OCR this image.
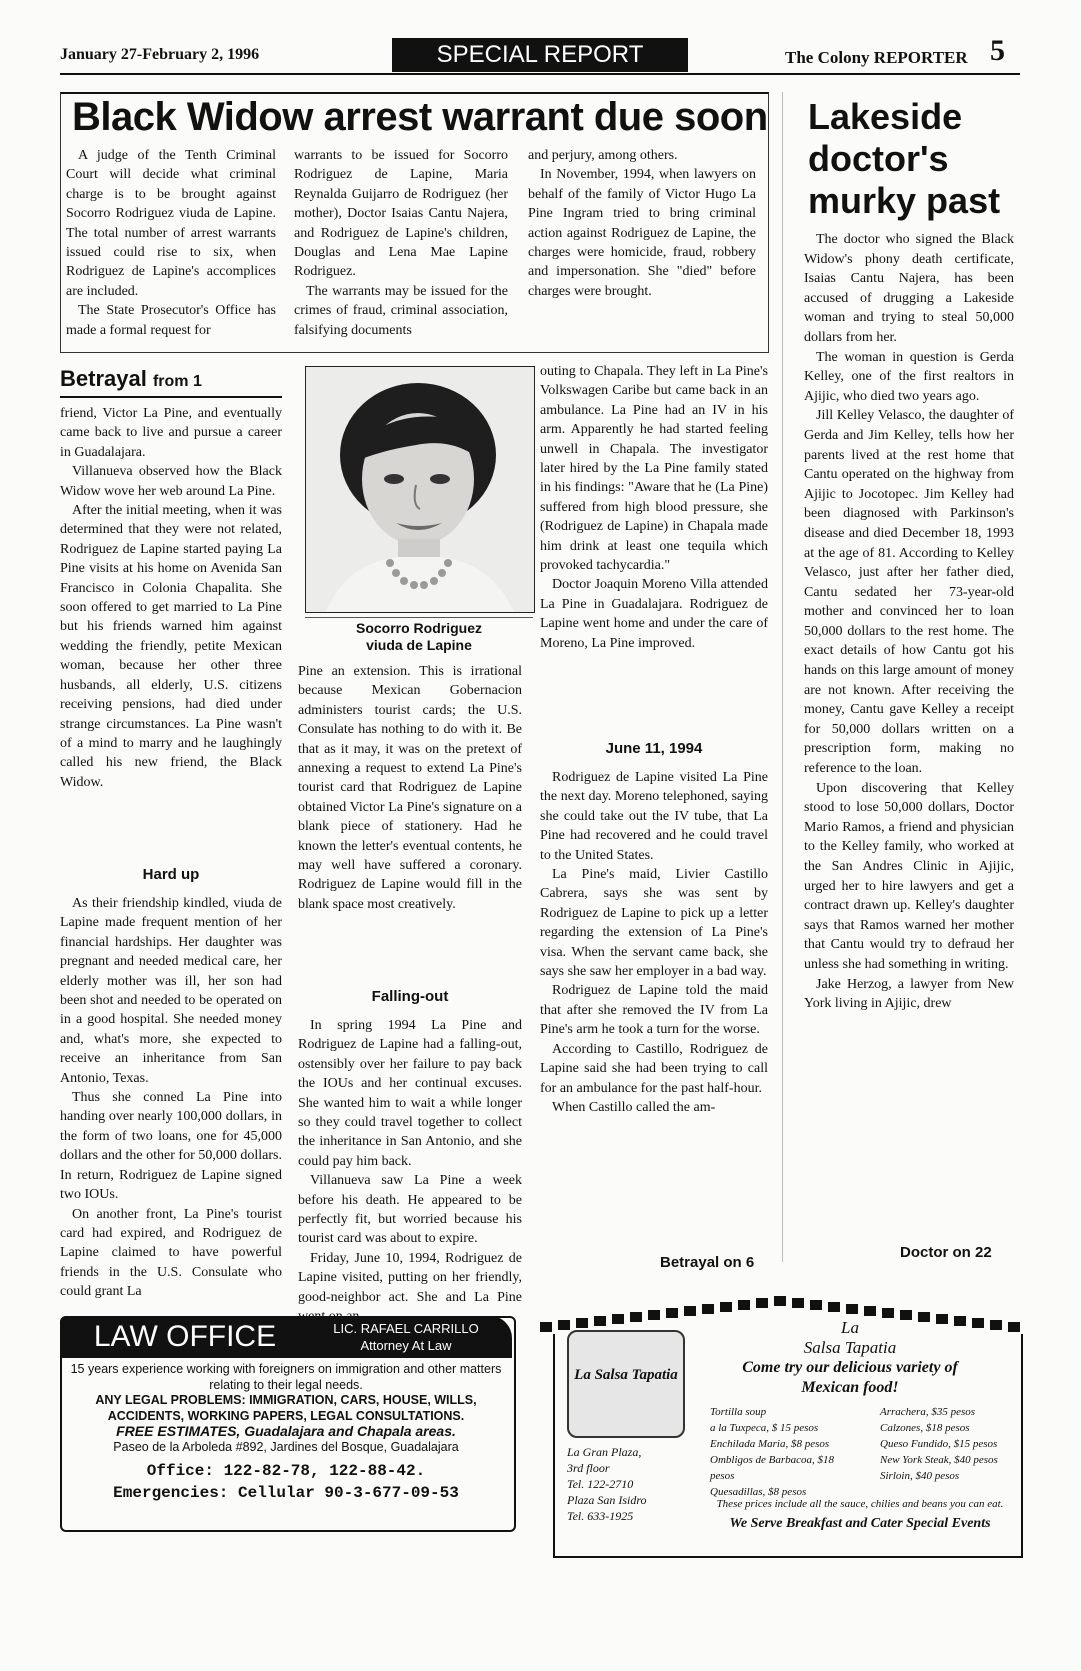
January 27-February 2, 1996	SPECIAL REPORT	The Colony REPORTER 5
Black Widow arrest warrant due soon

A judge of the Tenth Criminal Court will decide what criminal charge is to be brought against Socorro Rodriguez viuda de Lapine. The total number of arrest warrants issued could rise to six, when Rodriguez de Lapine's accomplices are included.

The State Prosecutor's Office has made a formal request for

warrants to be issued for Socorro Rodriguez de Lapine, Maria Reynalda Guijarro de Rodriguez (her mother), Doctor Isaias Cantu Najera, and Rodriguez de Lapine's children, Douglas and Lena Mae Lapine Rodriguez.

The warrants may be issued for the crimes of fraud, criminal association, falsifying documents

and perjury, among others.

In November, 1994, when lawyers on behalf of the family of Victor Hugo La Pine Ingram tried to bring criminal action against Rodriguez de Lapine, the charges were homicide, fraud, robbery and impersonation. She "died" before charges were brought.

Lakeside doctor's murky past

The doctor who signed the Black Widow's phony death certificate, Isaias Cantu Najera, has been accused of drugging a Lakeside woman and trying to steal 50,000 dollars from her.

The woman in question is Gerda Kelley, one of the first realtors in Ajijic, who died two years ago.

Jill Kelley Velasco, the daughter of Gerda and Jim Kelley, tells how her parents lived at the rest home that Cantu operated on the highway from Ajijic to Jocotopec. Jim Kelley had been diagnosed with Parkinson's disease and died December 18, 1993 at the age of 81. According to Kelley Velasco, just after her father died, Cantu sedated her 73-year-old mother and convinced her to loan 50,000 dollars to the rest home. The exact details of how Cantu got his hands on this large amount of money are not known. After receiving the money, Cantu gave Kelley a receipt for 50,000 dollars written on a prescription form, making no reference to the loan.

Upon discovering that Kelley stood to lose 50,000 dollars, Doctor Mario Ramos, a friend and physician to the Kelley family, who worked at the San Andres Clinic in Ajijic, urged her to hire lawyers and get a contract drawn up. Kelley's daughter says that Ramos warned her mother that Cantu would try to defraud her unless she had something in writing.

Jake Herzog, a lawyer from New York living in Ajijic, drew

Doctor on 22
Betrayal from 1

friend, Victor La Pine, and eventually came back to live and pursue a career in Guadalajara.

Villanueva observed how the Black Widow wove her web around La Pine.

After the initial meeting, when it was determined that they were not related, Rodriguez de Lapine started paying La Pine visits at his home on Avenida San Francisco in Colonia Chapalita. She soon offered to get married to La Pine but his friends warned him against wedding the friendly, petite Mexican woman, because her other three husbands, all elderly, U.S. citizens receiving pensions, had died under strange circumstances. La Pine wasn't of a mind to marry and he laughingly called his new friend, the Black Widow.

Hard up

As their friendship kindled, viuda de Lapine made frequent mention of her financial hardships. Her daughter was pregnant and needed medical care, her elderly mother was ill, her son had been shot and needed to be operated on in a good hospital. She needed money and, what's more, she expected to receive an inheritance from San Antonio, Texas.

Thus she conned La Pine into handing over nearly 100,000 dollars, in the form of two loans, one for 45,000 dollars and the other for 50,000 dollars. In return, Rodriguez de Lapine signed two IOUs.

On another front, La Pine's tourist card had expired, and Rodriguez de Lapine claimed to have powerful friends in the U.S. Consulate who could grant La

Socorro Rodriguez
viuda de Lapine

Pine an extension. This is irrational because Mexican Gobernacion administers tourist cards; the U.S. Consulate has nothing to do with it. Be that as it may, it was on the pretext of annexing a request to extend La Pine's tourist card that Rodriguez de Lapine obtained Victor La Pine's signature on a blank piece of stationery. Had he known the letter's eventual contents, he may well have suffered a coronary. Rodriguez de Lapine would fill in the blank space most creatively.

Falling-out

In spring 1994 La Pine and Rodriguez de Lapine had a falling-out, ostensibly over her failure to pay back the IOUs and her continual excuses. She wanted him to wait a while longer so they could travel together to collect the inheritance in San Antonio, and she could pay him back.

Villanueva saw La Pine a week before his death. He appeared to be perfectly fit, but worried because his tourist card was about to expire.

Friday, June 10, 1994, Rodriguez de Lapine visited, putting on her friendly, good-neighbor act. She and La Pine

outing to Chapala. They left in La Pine's Volkswagen Caribe but came back in an ambulance. La Pine had an IV in his arm. Apparently he had started feeling unwell in Chapala. The investigator later hired by the La Pine family stated in his findings: "Aware that he (La Pine) suffered from high blood pressure, she (Rodriguez de Lapine) in Chapala made him drink at least one tequila which provoked tachycardia."

Doctor Joaquin Moreno Villa attended La Pine in Guadalajara. Rodriguez de Lapine went home and under the care of Moreno, La Pine improved.

June 11, 1994

Rodriguez de Lapine visited La Pine the next day. Moreno telephoned, saying she could take out the IV tube, that La Pine had recovered and he could travel to the United States.

La Pine's maid, Livier Castillo Cabrera, says she was sent by Rodriguez de Lapine to pick up a letter regarding the extension of La Pine's visa. When the servant came back, she says she saw her employer in a bad way.

Rodriguez de Lapine told the maid that after she removed the IV from La Pine's arm he took a turn for the worse.

According to Castillo, Rodriguez de Lapine said she had been trying to call for an ambulance for the past half-hour.

When Castillo called the am-

Betrayal on 6
La Salsa Tapatia
La
Salsa Tapatia
Come try our delicious variety of
Mexican food!
La Gran Plaza,
3rd floor
Tel. 122-2710
Plaza San Isidro
Tel. 633-1925
Tortilla soup
a la Tuxpeca, $ 15 pesos
Enchilada Maria, $8 pesos
Ombligos de Barbacoa, $18 pesos
Quesadillas, $8 pesos
Arrachera, $35 pesos
Calzones, $18 pesos
Queso Fundido, $15 pesos
New York Steak, $40 pesos
Sirloin, $40 pesos
These prices include all the sauce, chilies and beans you can eat.
We Serve Breakfast and Cater Special Events
LAW OFFICE	LIC. RAFAEL CARRILLO
Attorney At Law
15 years experience working with foreigners on immigration and other matters relating to their legal needs.
ANY LEGAL PROBLEMS: IMMIGRATION, CARS, HOUSE, WILLS, ACCIDENTS, WORKING PAPERS, LEGAL CONSULTATIONS.
FREE ESTIMATES, Guadalajara and Chapala areas.
Paseo de la Arboleda #892, Jardines del Bosque, Guadalajara
Office: 122-82-78, 122-88-42.
Emergencies: Cellular 90-3-677-09-53
